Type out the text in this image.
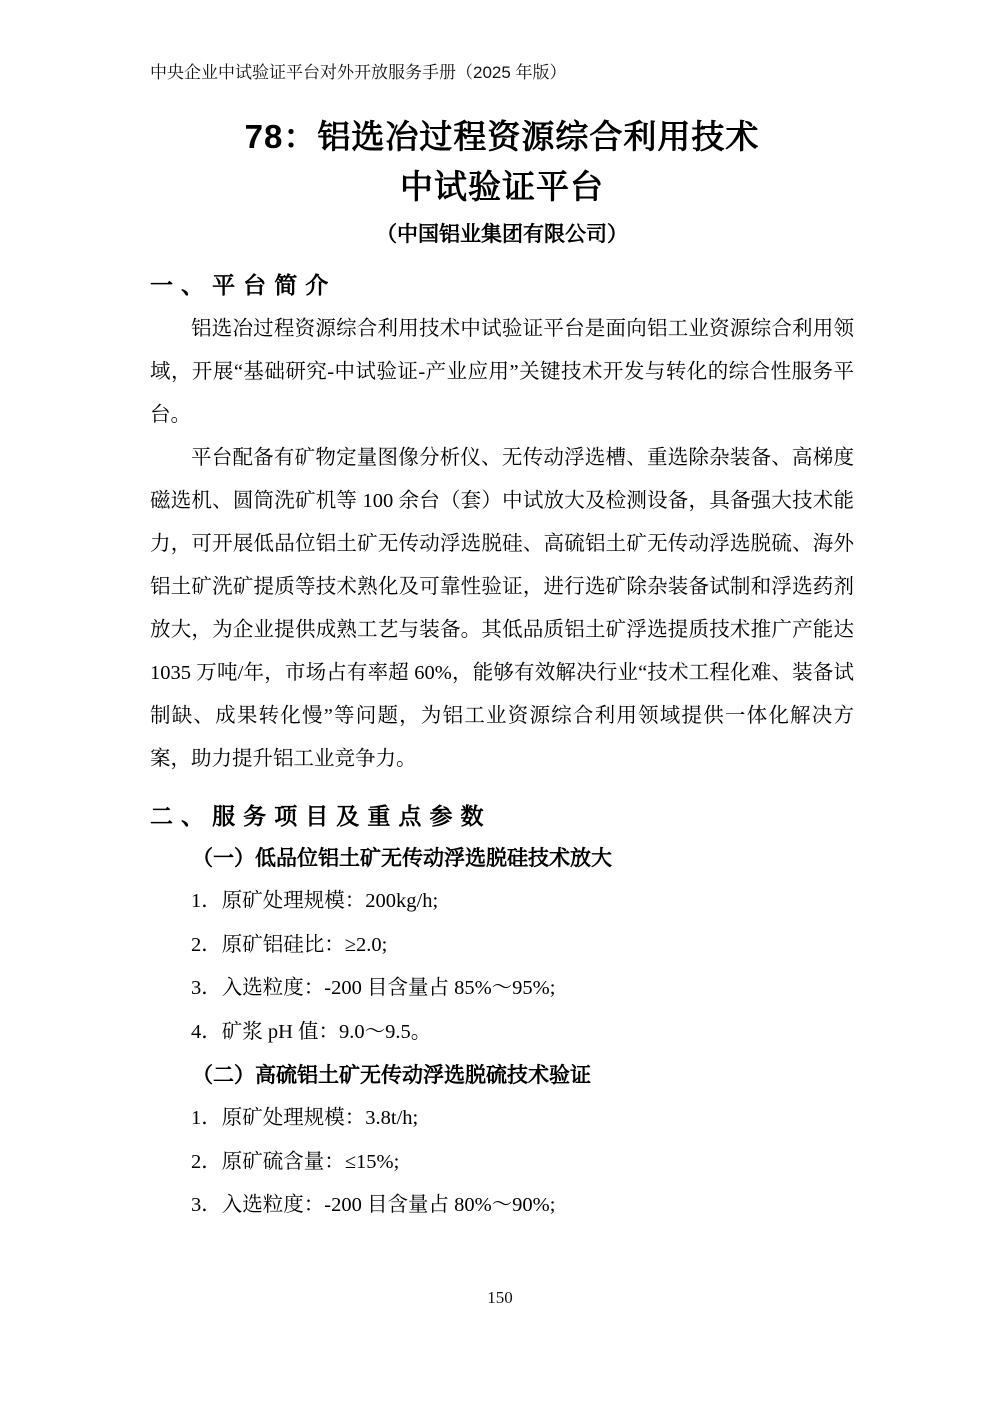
中央企业中试验证平台对外开放服务手册（2025 年版）
78：铝选冶过程资源综合利用技术
中试验证平台
（中国铝业集团有限公司）
一、平台简介

铝选冶过程资源综合利用技术中试验证平台是面向铝工业资源综合利用领域，开展“基础研究-中试验证-产业应用”关键技术开发与转化的综合性服务平台。

平台配备有矿物定量图像分析仪、无传动浮选槽、重选除杂装备、高梯度磁选机、圆筒洗矿机等 100 余台（套）中试放大及检测设备，具备强大技术能力，可开展低品位铝土矿无传动浮选脱硅、高硫铝土矿无传动浮选脱硫、海外铝土矿洗矿提质等技术熟化及可靠性验证，进行选矿除杂装备试制和浮选药剂放大，为企业提供成熟工艺与装备。其低品质铝土矿浮选提质技术推广产能达 1035 万吨/年，市场占有率超 60%，能够有效解决行业“技术工程化难、装备试制缺、成果转化慢”等问题，为铝工业资源综合利用领域提供一体化解决方案，助力提升铝工业竞争力。

二、服务项目及重点参数

（一）低品位铝土矿无传动浮选脱硅技术放大

1．原矿处理规模：200kg/h;

2．原矿铝硅比：≥2.0;

3．入选粒度：-200 目含量占 85%～95%;

4．矿浆 pH 值：9.0～9.5。

（二）高硫铝土矿无传动浮选脱硫技术验证

1．原矿处理规模：3.8t/h;

2．原矿硫含量：≤15%;

3．入选粒度：-200 目含量占 80%～90%;

150
